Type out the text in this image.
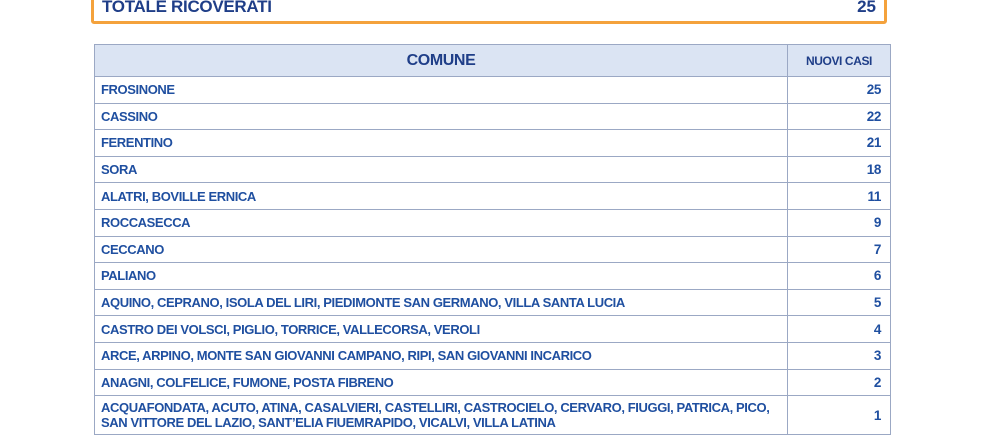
TOTALE RICOVERATI	25
COMUNE	NUOVI CASI
FROSINONE	25
CASSINO	22
FERENTINO	21
SORA	18
ALATRI, BOVILLE ERNICA	11
ROCCASECCA	9
CECCANO	7
PALIANO	6
AQUINO, CEPRANO, ISOLA DEL LIRI, PIEDIMONTE SAN GERMANO, VILLA SANTA LUCIA	5
CASTRO DEI VOLSCI, PIGLIO, TORRICE, VALLECORSA, VEROLI	4
ARCE, ARPINO, MONTE SAN GIOVANNI CAMPANO, RIPI, SAN GIOVANNI INCARICO	3
ANAGNI, COLFELICE, FUMONE, POSTA FIBRENO	2
ACQUAFONDATA, ACUTO, ATINA, CASALVIERI, CASTELLIRI, CASTROCIELO, CERVARO, FIUGGI, PATRICA, PICO, SAN VITTORE DEL LAZIO, SANT’ELIA FIUEMRAPIDO, VICALVI, VILLA LATINA	1
